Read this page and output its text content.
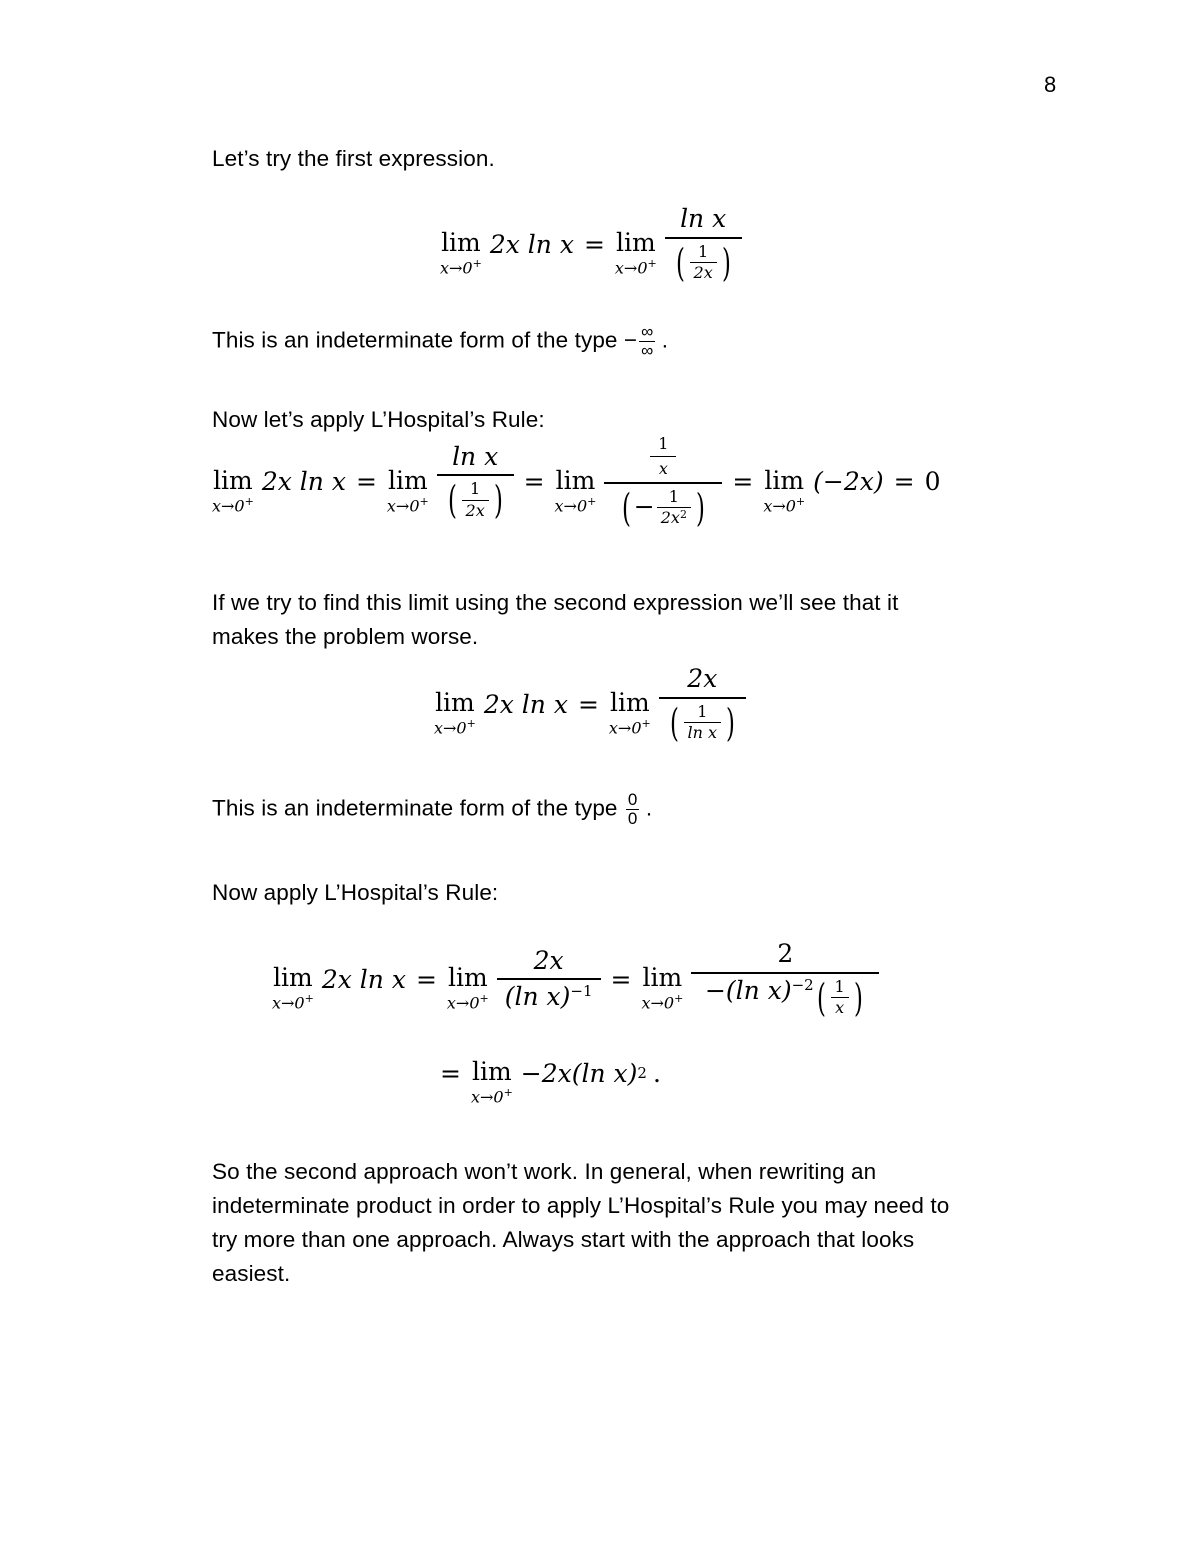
8
Let’s try the first expression.
lim
x→0+
2x ln x = lim
$x\to 0^+ \frac{\text{ln x}}{( \frac{1}{2x} )}$
This is an indeterminate form of the type − $\frac{\infty}{\infty}$ .
Now let’s apply L’Hospital’s Rule:
lim
x→0+
2x ln x = lim
$x\to 0^+ \frac{\text{ln x}}{( \frac{1}{2x} )} = \lim$
$x\to 0^+ \frac{\frac{1}{x}}{( - \frac{1}{2x 2} )} = \lim$
x→0+
(−2x) = 0
If we try to find this limit using the second expression we’ll see that it
makes the problem worse.
lim
x→0+
2x ln x = lim
$x\to 0^+ \frac{2x}{( \frac{1}{\text{ln x}} )}$
This is an indeterminate form of the type $\frac{0}{0}$ .
Now apply L’Hospital’s Rule:
lim
x→0+
2x ln x = lim
$x\to 0^+ \frac{2x}{\text{(ln x) −1}} = \lim$
$x\to 0^+ \frac{2}{-(\ln x) -2 ( \frac{1}{x} )}$
= lim
x→0+
−2x(ln x) 2 .
So the second approach won’t work. In general, when rewriting an
indeterminate product in order to apply L’Hospital’s Rule you may need to
try more than one approach. Always start with the approach that looks
easiest.
